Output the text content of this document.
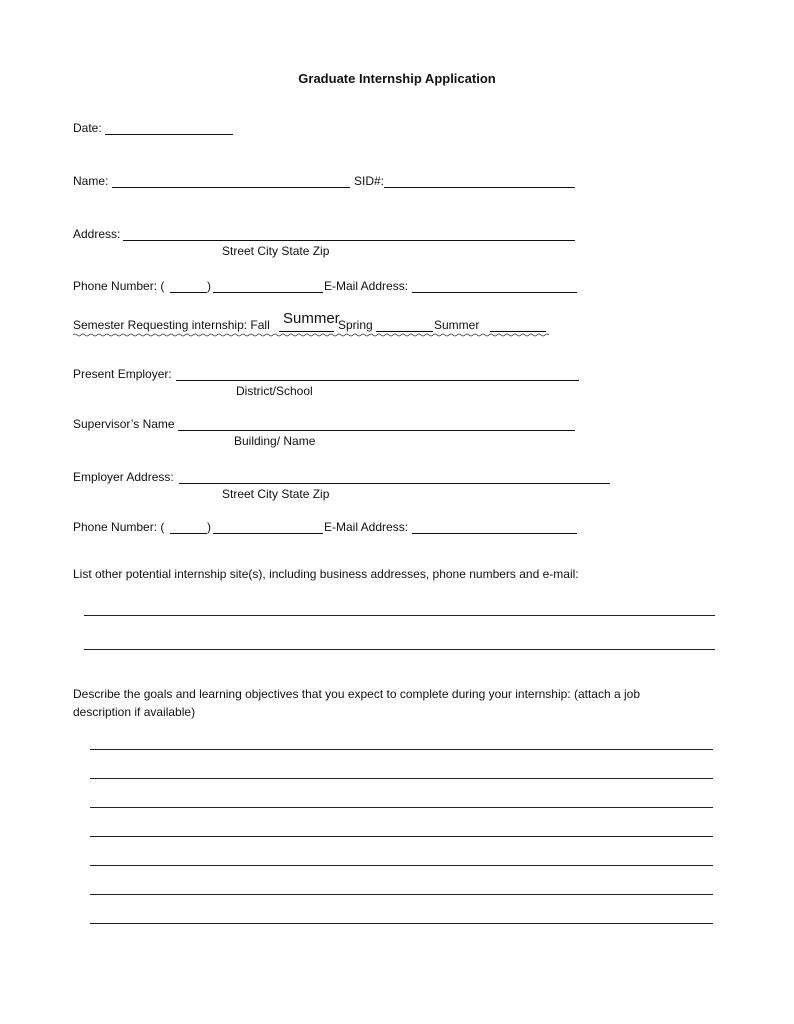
Graduate Internship Application
Date:
Name:	SID#:
Address:
Street City State Zip
Phone Number: (	)	E-Mail Address:
Semester Requesting internship: Fall Summer
Spring	Summer
Present Employer:
District/School
Supervisor’s Name
Building/ Name
Employer Address:
Street City State Zip
Phone Number: (	)	E-Mail Address:
List other potential internship site(s), including business addresses, phone numbers and e-mail:
Describe the goals and learning objectives that you expect to complete during your internship: (attach a job
description if available)
